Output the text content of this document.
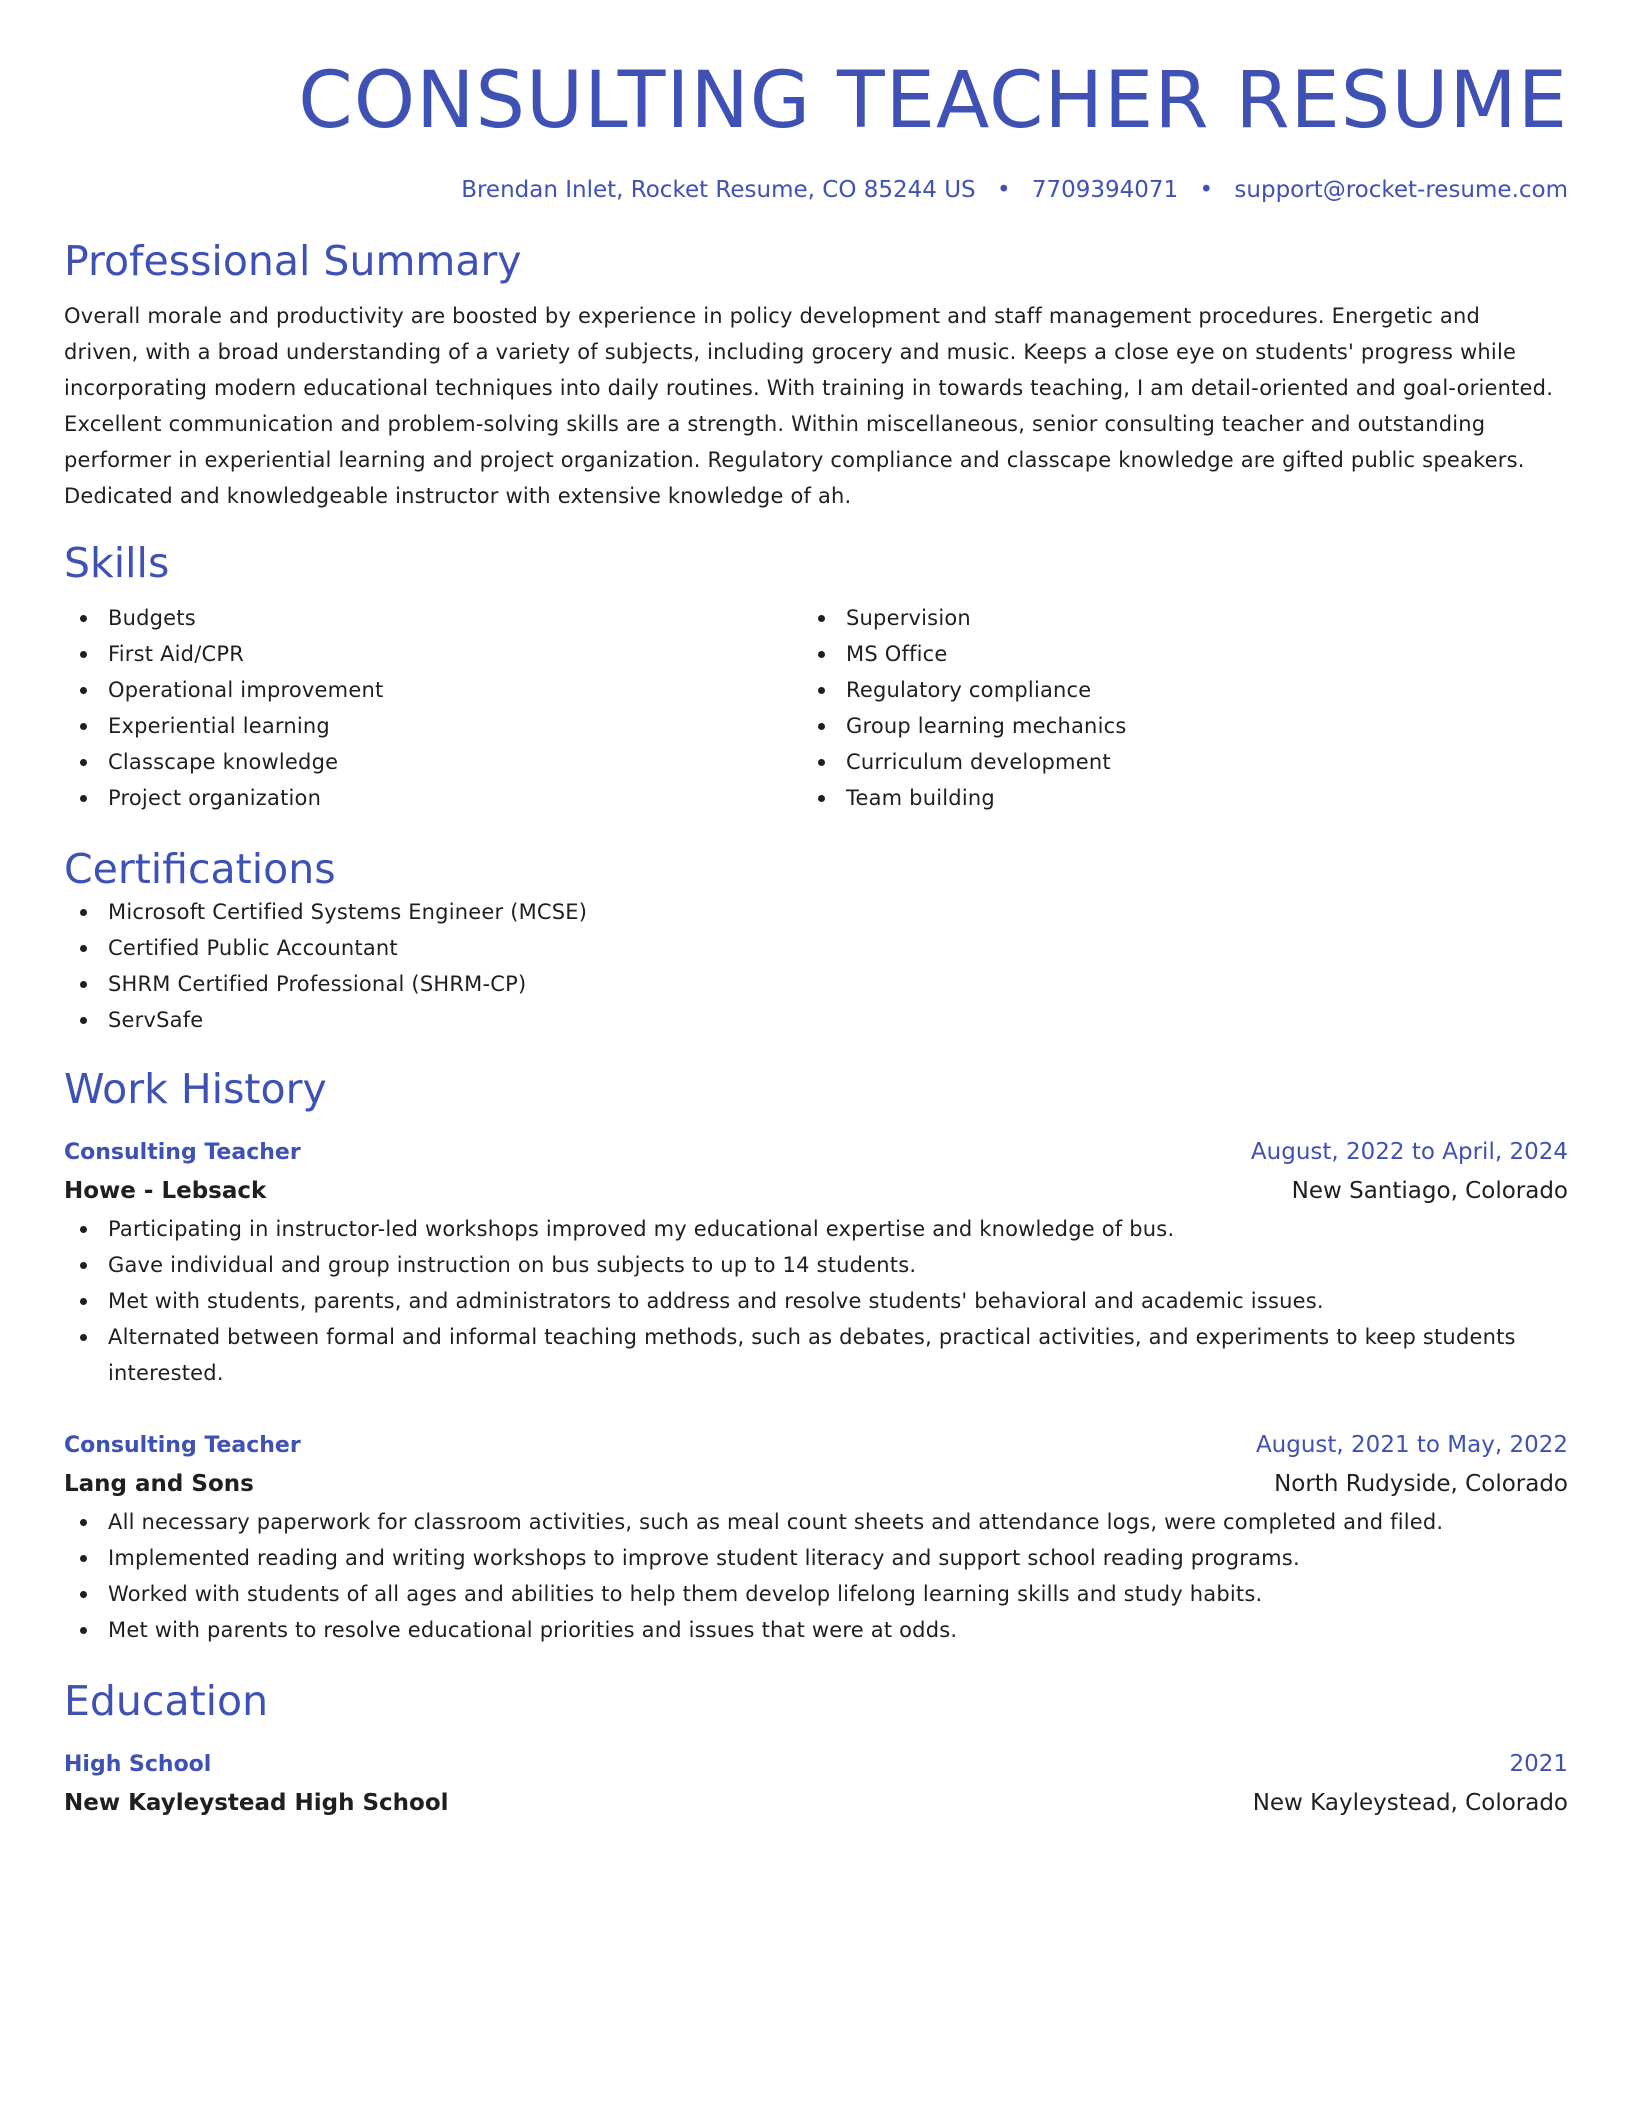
CONSULTING TEACHER RESUME
Brendan Inlet, Rocket Resume, CO 85244 US • 7709394071 • support@rocket-resume.com
Professional Summary

Overall morale and productivity are boosted by experience in policy development and staff management procedures. Energetic and driven, with a broad understanding of a variety of subjects, including grocery and music. Keeps a close eye on students' progress while incorporating modern educational techniques into daily routines. With training in towards teaching, I am detail-oriented and goal-oriented. Excellent communication and problem-solving skills are a strength. Within miscellaneous, senior consulting teacher and outstanding performer in experiential learning and project organization. Regulatory compliance and classcape knowledge are gifted public speakers. Dedicated and knowledgeable instructor with extensive knowledge of ah.

Skills
Budgets
First Aid/CPR
Operational improvement
Experiential learning
Classcape knowledge
Project organization
Supervision
MS Office
Regulatory compliance
Group learning mechanics
Curriculum development
Team building
Certifications
Microsoft Certified Systems Engineer (MCSE)
Certified Public Accountant
SHRM Certified Professional (SHRM-CP)
ServSafe
Work History
Consulting Teacher	August, 2022 to April, 2024
Howe - Lebsack	New Santiago, Colorado
Participating in instructor-led workshops improved my educational expertise and knowledge of bus.
Gave individual and group instruction on bus subjects to up to 14 students.
Met with students, parents, and administrators to address and resolve students' behavioral and academic issues.
Alternated between formal and informal teaching methods, such as debates, practical activities, and experiments to keep students interested.
Consulting Teacher	August, 2021 to May, 2022
Lang and Sons	North Rudyside, Colorado
All necessary paperwork for classroom activities, such as meal count sheets and attendance logs, were completed and filed.
Implemented reading and writing workshops to improve student literacy and support school reading programs.
Worked with students of all ages and abilities to help them develop lifelong learning skills and study habits.
Met with parents to resolve educational priorities and issues that were at odds.
Education
High School	2021
New Kayleystead High School	New Kayleystead, Colorado
